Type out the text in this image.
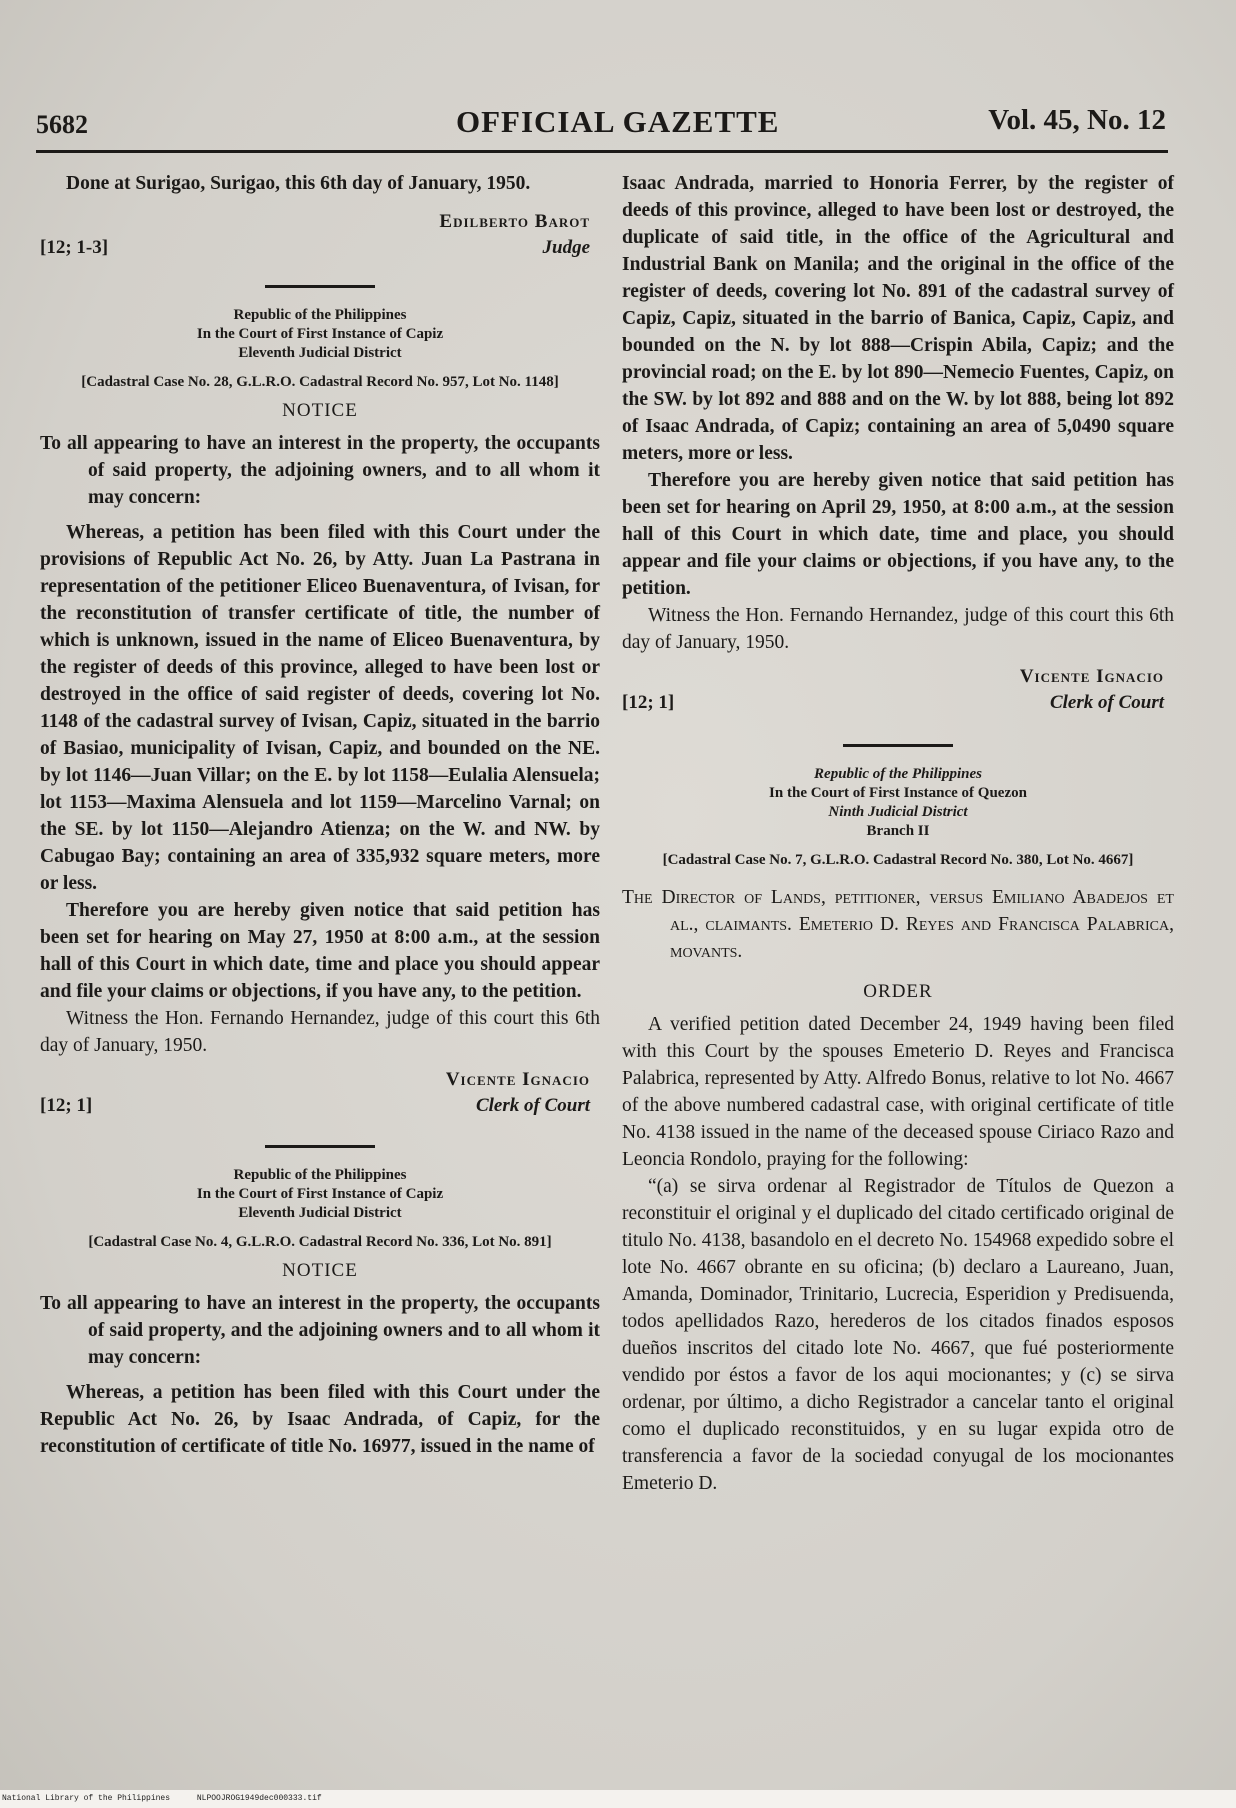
5682	OFFICIAL GAZETTE	Vol. 45, No. 12

Done at Surigao, Surigao, this 6th day of January, 1950.

Edilberto Barot
Judge
[12; 1-3]
Republic of the Philippines
In the Court of First Instance of Capiz
Eleventh Judicial District
[Cadastral Case No. 28, G.L.R.O. Cadastral Record No. 957, Lot No. 1148]
NOTICE

To all appearing to have an interest in the property, the occupants of said property, the adjoining owners, and to all whom it may concern:

Whereas, a petition has been filed with this Court under the provisions of Republic Act No. 26, by Atty. Juan La Pastrana in representation of the petitioner Eliceo Buenaventura, of Ivisan, for the reconstitution of transfer certificate of title, the number of which is unknown, issued in the name of Eliceo Buenaventura, by the register of deeds of this province, alleged to have been lost or destroyed in the office of said register of deeds, covering lot No. 1148 of the cadastral survey of Ivisan, Capiz, situated in the barrio of Basiao, municipality of Ivisan, Capiz, and bounded on the NE. by lot 1146—Juan Villar; on the E. by lot 1158—Eulalia Alensuela; lot 1153—Maxima Alensuela and lot 1159—Marcelino Varnal; on the SE. by lot 1150—Alejandro Atienza; on the W. and NW. by Cabugao Bay; containing an area of 335,932 square meters, more or less.

Therefore you are hereby given notice that said petition has been set for hearing on May 27, 1950 at 8:00 a.m., at the session hall of this Court in which date, time and place you should appear and file your claims or objections, if you have any, to the petition.

Witness the Hon. Fernando Hernandez, judge of this court this 6th day of January, 1950.

Vicente Ignacio
Clerk of Court
[12; 1]
Republic of the Philippines
In the Court of First Instance of Capiz
Eleventh Judicial District
[Cadastral Case No. 4, G.L.R.O. Cadastral Record No. 336, Lot No. 891]
NOTICE

To all appearing to have an interest in the property, the occupants of said property, and the adjoining owners and to all whom it may concern:

Whereas, a petition has been filed with this Court under the Republic Act No. 26, by Isaac Andrada, of Capiz, for the reconstitution of certificate of title No. 16977, issued in the name of

Isaac Andrada, married to Honoria Ferrer, by the register of deeds of this province, alleged to have been lost or destroyed, the duplicate of said title, in the office of the Agricultural and Industrial Bank on Manila; and the original in the office of the register of deeds, covering lot No. 891 of the cadastral survey of Capiz, Capiz, situated in the barrio of Banica, Capiz, Capiz, and bounded on the N. by lot 888—Crispin Abila, Capiz; and the provincial road; on the E. by lot 890—Nemecio Fuentes, Capiz, on the SW. by lot 892 and 888 and on the W. by lot 888, being lot 892 of Isaac Andrada, of Capiz; containing an area of 5,0490 square meters, more or less.

Therefore you are hereby given notice that said petition has been set for hearing on April 29, 1950, at 8:00 a.m., at the session hall of this Court in which date, time and place, you should appear and file your claims or objections, if you have any, to the petition.

Witness the Hon. Fernando Hernandez, judge of this court this 6th day of January, 1950.

Vicente Ignacio
Clerk of Court
[12; 1]
Republic of the Philippines
In the Court of First Instance of Quezon
Ninth Judicial District
Branch II
[Cadastral Case No. 7, G.L.R.O. Cadastral Record No. 380, Lot No. 4667]

The Director of Lands, petitioner, versus Emiliano Abadejos et al., claimants. Emeterio D. Reyes and Francisca Palabrica, movants.

ORDER

A verified petition dated December 24, 1949 having been filed with this Court by the spouses Emeterio D. Reyes and Francisca Palabrica, represented by Atty. Alfredo Bonus, relative to lot No. 4667 of the above numbered cadastral case, with original certificate of title No. 4138 issued in the name of the deceased spouse Ciriaco Razo and Leoncia Rondolo, praying for the following:

“(a) se sirva ordenar al Registrador de Títulos de Quezon a reconstituir el original y el duplicado del citado certificado original de titulo No. 4138, basandolo en el decreto No. 154968 expedido sobre el lote No. 4667 obrante en su oficina; (b) declaro a Laureano, Juan, Amanda, Dominador, Trinitario, Lucrecia, Esperidion y Predisuenda, todos apellidados Razo, herederos de los citados finados esposos dueños inscritos del citado lote No. 4667, que fué posteriormente vendido por éstos a favor de los aqui mocionantes; y (c) se sirva ordenar, por último, a dicho Registrador a cancelar tanto el original como el duplicado reconstituidos, y en su lugar expida otro de transferencia a favor de la sociedad conyugal de los mocionantes Emeterio D.

National Library of the Philippines	NLPOOJROG1949dec000333.tif
